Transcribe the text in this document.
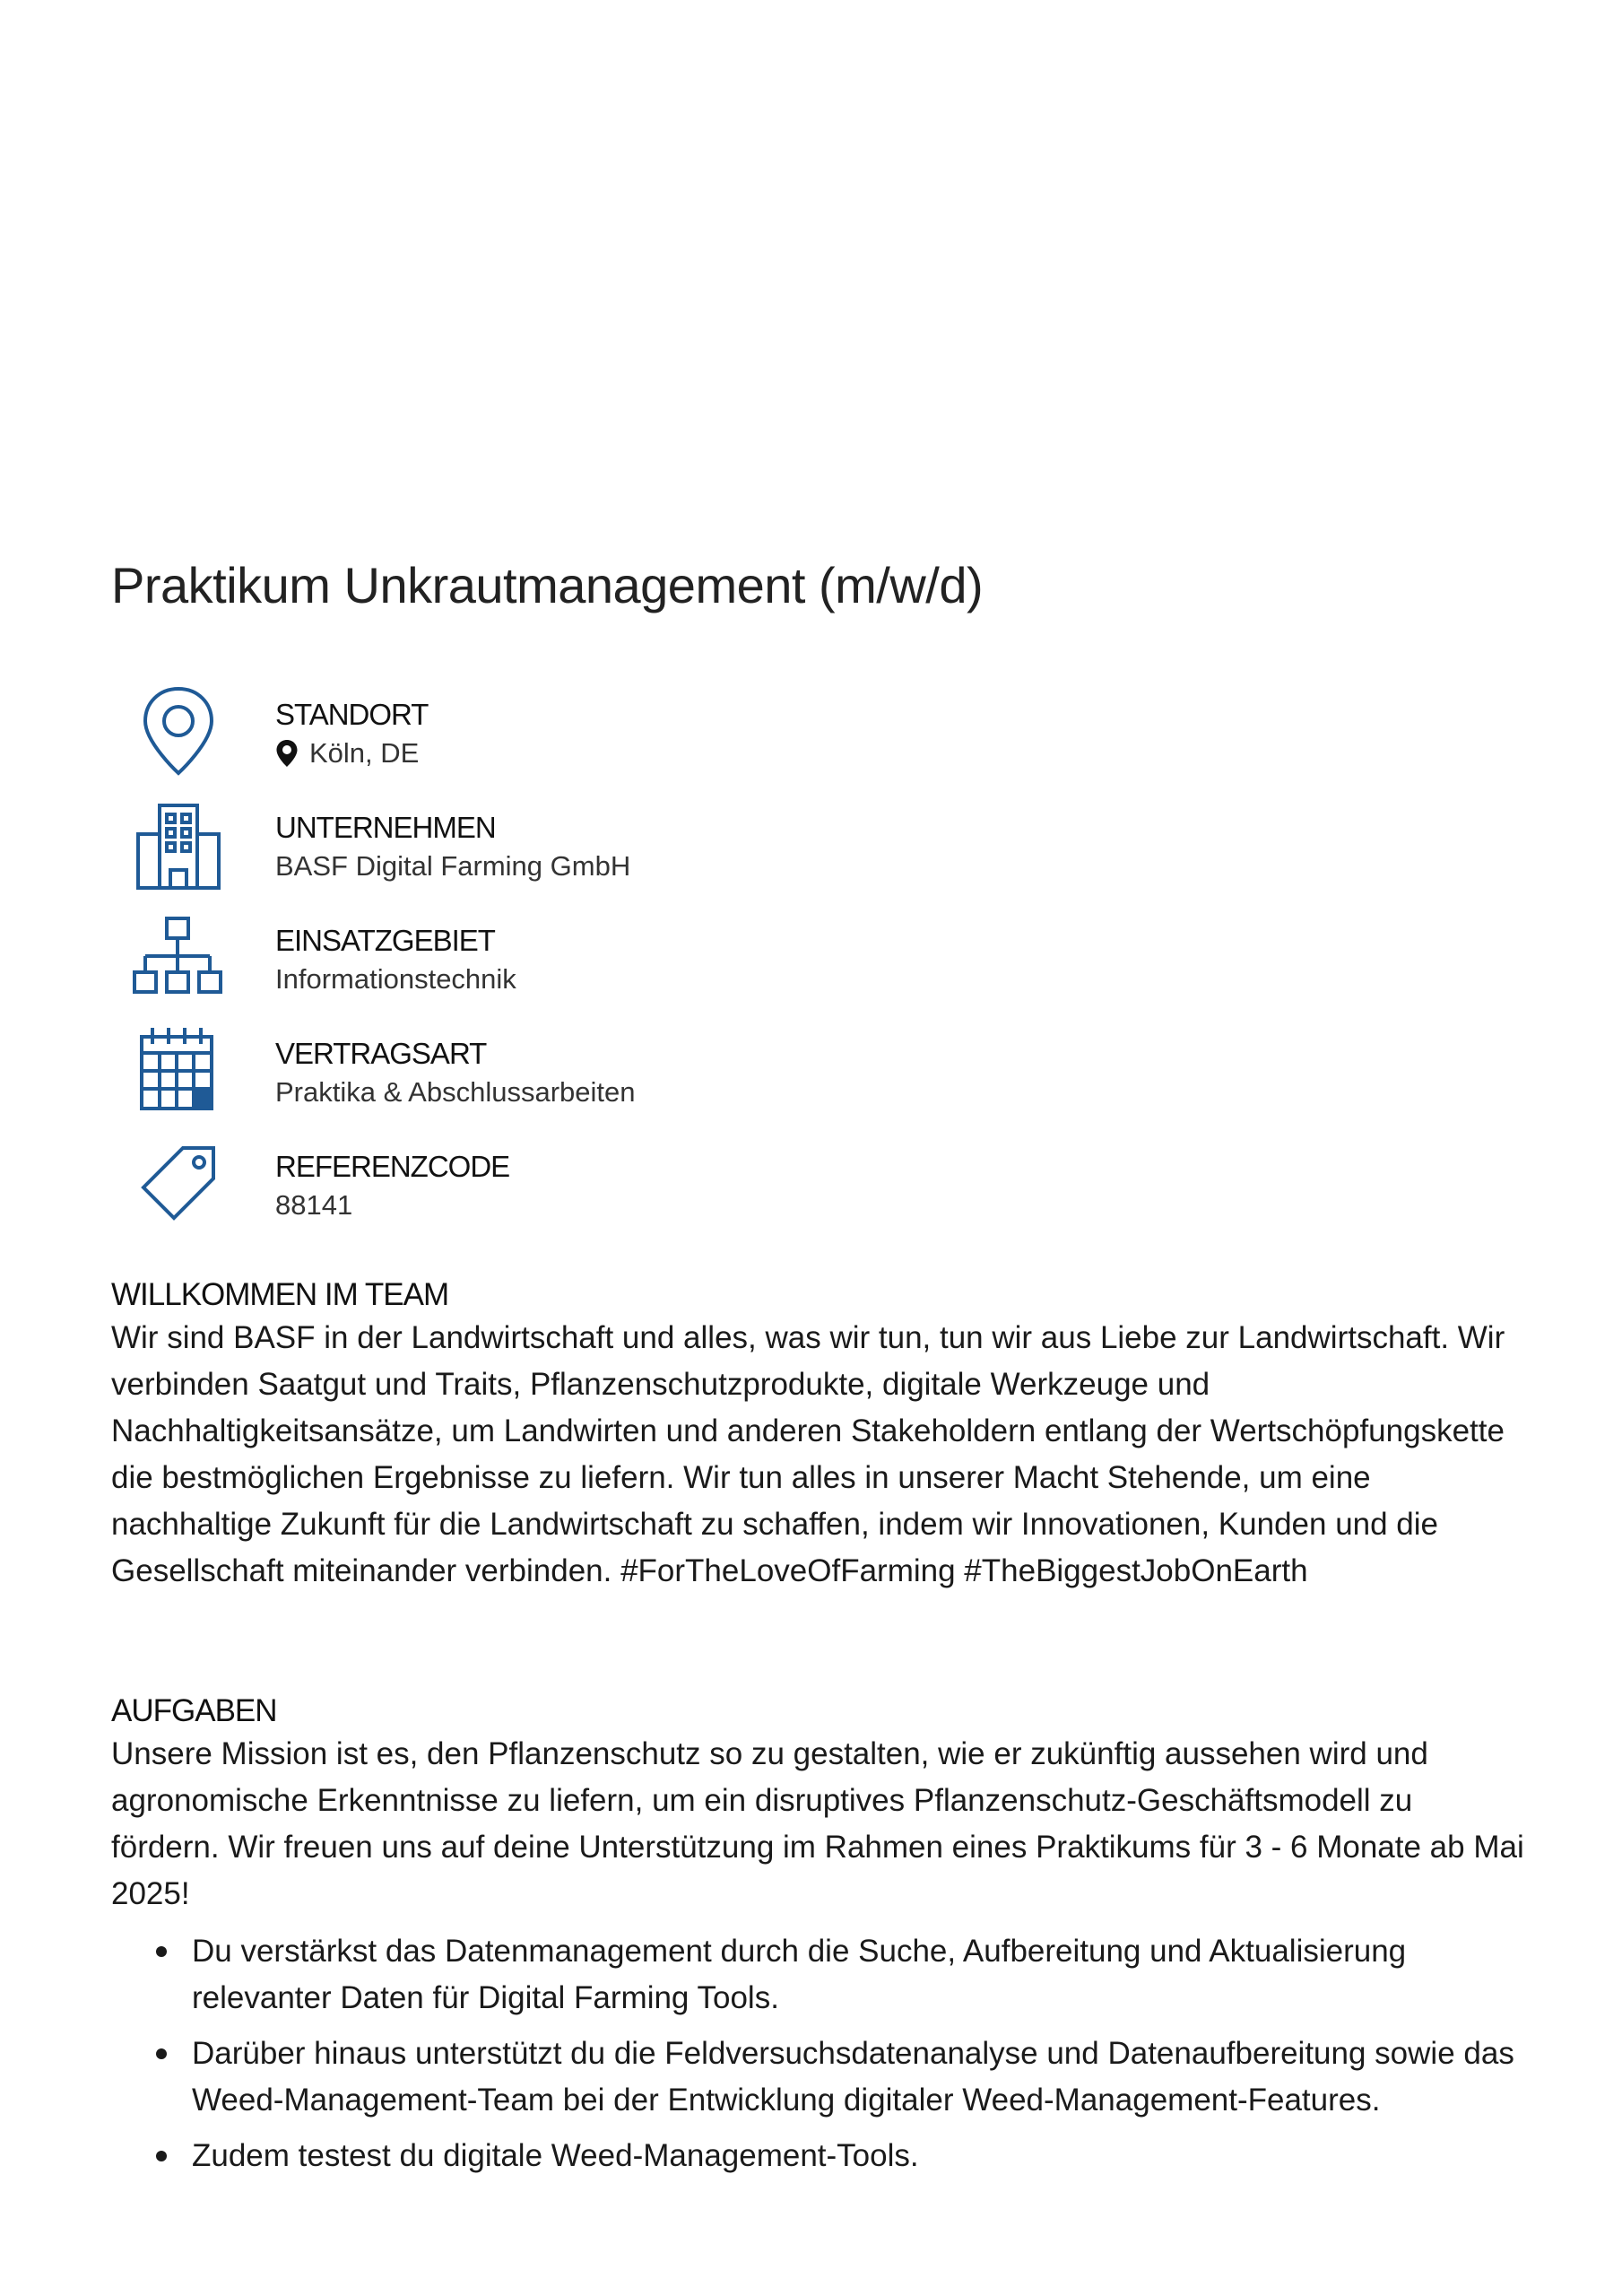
Praktikum Unkrautmanagement (m/w/d)
STANDORT
Köln, DE
UNTERNEHMEN
BASF Digital Farming GmbH
EINSATZGEBIET
Informationstechnik
VERTRAGSART
Praktika & Abschlussarbeiten
REFERENZCODE
88141
WILLKOMMEN IM TEAM

Wir sind BASF in der Landwirtschaft und alles, was wir tun, tun wir aus Liebe zur Landwirtschaft. Wir verbinden Saatgut und Traits, Pflanzenschutzprodukte, digitale Werkzeuge und Nachhaltigkeitsansätze, um Landwirten und anderen Stakeholdern entlang der Wertschöpfungskette die bestmöglichen Ergebnisse zu liefern. Wir tun alles in unserer Macht Stehende, um eine nachhaltige Zukunft für die Landwirtschaft zu schaffen, indem wir Innovationen, Kunden und die Gesellschaft miteinander verbinden. #ForTheLoveOfFarming #TheBiggestJobOnEarth

AUFGABEN

Unsere Mission ist es, den Pflanzenschutz so zu gestalten, wie er zukünftig aussehen wird und agronomische Erkenntnisse zu liefern, um ein disruptives Pflanzenschutz-Geschäftsmodell zu fördern. Wir freuen uns auf deine Unterstützung im Rahmen eines Praktikums für 3 - 6 Monate ab Mai 2025!

Du verstärkst das Datenmanagement durch die Suche, Aufbereitung und Aktualisierung relevanter Daten für Digital Farming Tools.
Darüber hinaus unterstützt du die Feldversuchsdatenanalyse und Datenaufbereitung sowie das Weed-Management-Team bei der Entwicklung digitaler Weed-Management-Features.
Zudem testest du digitale Weed-Management-Tools.
